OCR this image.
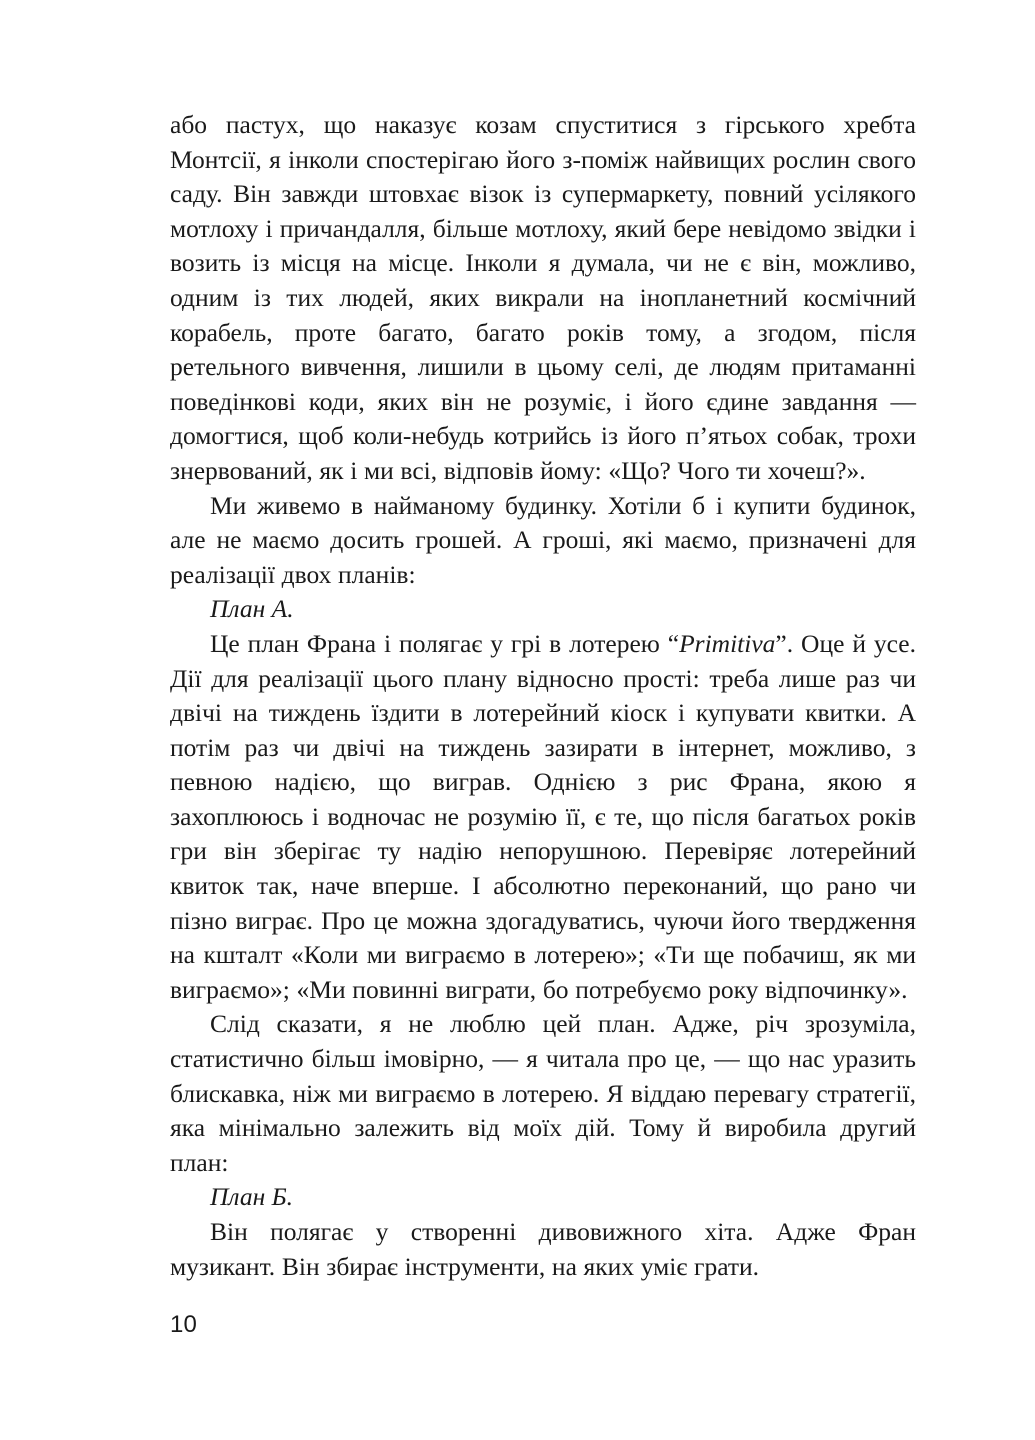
або пастух, що наказує козам спуститися з гірського хребта Монтсії, я інколи спостерігаю його з-поміж найвищих рослин свого саду. Він завжди штовхає візок із супермаркету, повний усілякого мотлоху і причандалля, більше мотлоху, який бере невідомо звідки і возить із місця на місце. Інколи я думала, чи не є він, можливо, одним із тих людей, яких викрали на інопланетний космічний корабель, проте багато, багато років тому, а згодом, після ретельного вивчення, лишили в цьому селі, де людям притаманні поведінкові коди, яких він не розуміє, і його єдине завдання — домогтися, щоб коли-небудь котрийсь із його п’ятьох собак, трохи знервований, як і ми всі, відповів йому: «Що? Чого ти хочеш?».

Ми живемо в найманому будинку. Хотіли б і купити будинок, але не маємо досить грошей. А гроші, які маємо, призначені для реалізації двох планів:

План А.

Це план Франа і полягає у грі в лотерею “Primitiva”. Оце й усе. Дії для реалізації цього плану відносно прості: треба лише раз чи двічі на тиждень їздити в лотерейний кіоск і купувати квитки. А потім раз чи двічі на тиждень зазирати в інтернет, можливо, з певною надією, що виграв. Однією з рис Франа, якою я захоплююсь і водночас не розумію її, є те, що після багатьох років гри він зберігає ту надію непорушною. Перевіряє лотерейний квиток так, наче вперше. І абсолютно переконаний, що рано чи пізно виграє. Про це можна здогадуватись, чуючи його твердження на кшталт «Коли ми виграємо в лотерею»; «Ти ще побачиш, як ми виграємо»; «Ми повинні виграти, бо потребуємо року відпочинку».

Слід сказати, я не люблю цей план. Адже, річ зрозуміла, статистично більш імовірно, — я читала про це, — що нас уразить блискавка, ніж ми виграємо в лотерею. Я віддаю перевагу стратегії, яка мінімально залежить від моїх дій. Тому й виробила другий план:

План Б.

Він полягає у створенні дивовижного хіта. Адже Фран музикант. Він збирає інструменти, на яких уміє грати.

10
